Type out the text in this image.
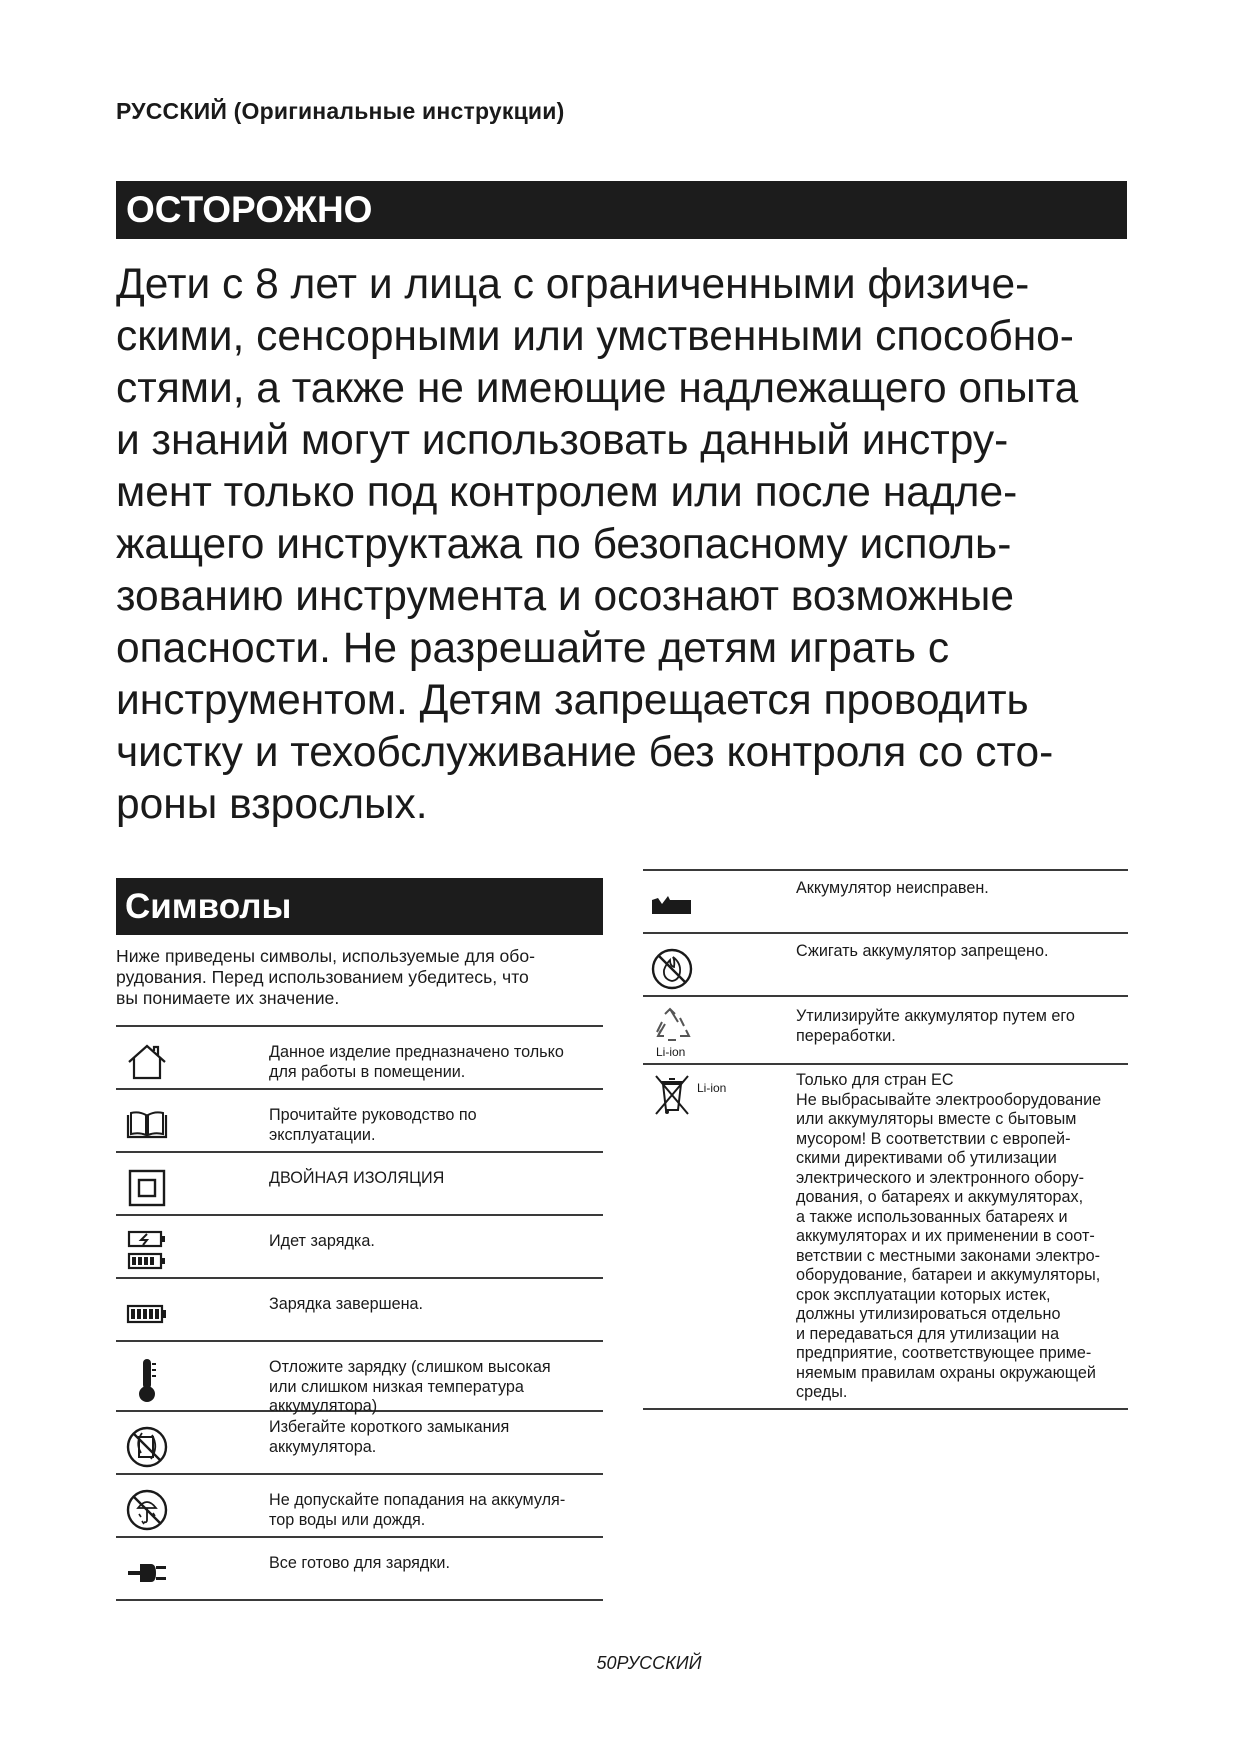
РУССКИЙ (Оригинальные инструкции)
ОСТОРОЖНО
Дети с 8 лет и лица с ограниченными физиче-
скими, сенсорными или умственными способно-
стями, а также не имеющие надлежащего опыта
и знаний могут использовать данный инстру-
мент только под контролем или после надле-
жащего инструктажа по безопасному исполь-
зованию инструмента и осознают возможные
опасности. Не разрешайте детям играть с
инструментом. Детям запрещается проводить
чистку и техобслуживание без контроля со сто-
роны взрослых.
Символы
Ниже приведены символы, используемые для обо-
рудования. Перед использованием убедитесь, что
вы понимаете их значение.
Данное изделие предназначено только
для работы в помещении.
Прочитайте руководство по
эксплуатации.
ДВОЙНАЯ ИЗОЛЯЦИЯ
Идет зарядка.
Зарядка завершена.
Отложите зарядку (слишком высокая
или слишком низкая температура
аккумулятора)
Избегайте короткого замыкания
аккумулятора.
Не допускайте попадания на аккумуля-
тор воды или дождя.
Все готово для зарядки.
Аккумулятор неисправен.
Сжигать аккумулятор запрещено.
Li-ion
Утилизируйте аккумулятор путем его
переработки.
Li-ion	Только для стран ЕС
Не выбрасывайте электрооборудование
или аккумуляторы вместе с бытовым
мусором! В соответствии с европей-
скими директивами об утилизации
электрического и электронного обору-
дования, о батареях и аккумуляторах,
а также использованных батареях и
аккумуляторах и их применении в соот-
ветствии с местными законами электро-
оборудование, батареи и аккумуляторы,
срок эксплуатации которых истек,
должны утилизироваться отдельно
и передаваться для утилизации на
предприятие, соответствующее приме-
няемым правилам охраны окружающей
среды.
50РУССКИЙ
